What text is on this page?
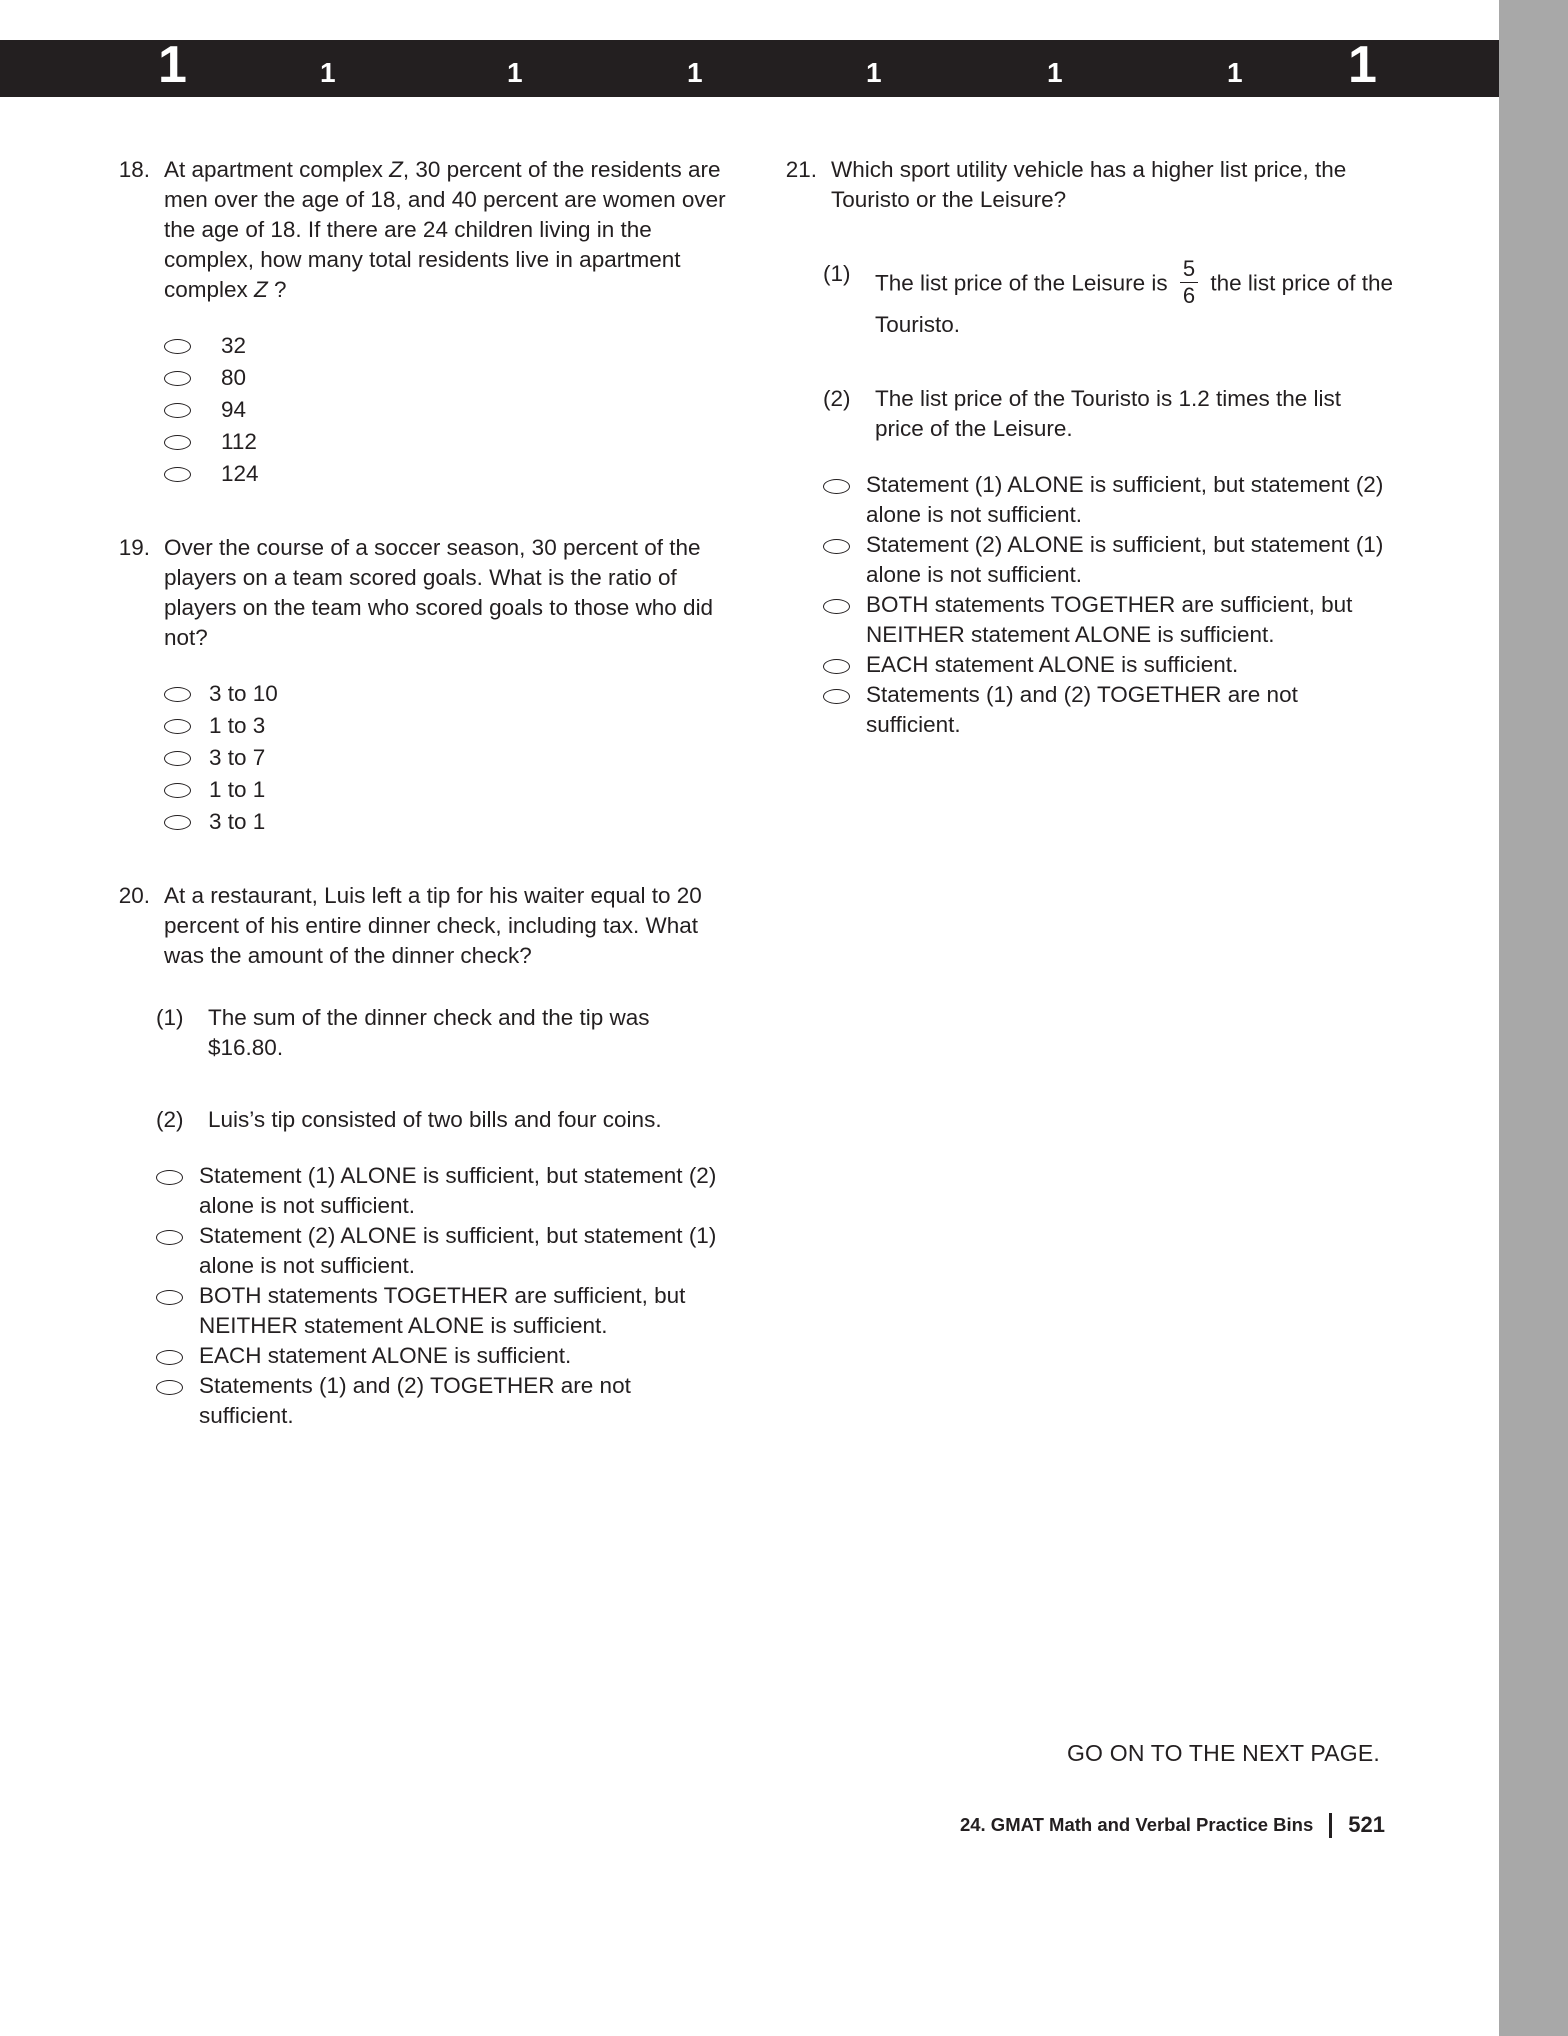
1	1	1	1	1	1	1 1
18. At apartment complex Z, 30 percent of the residents are men over the age of 18, and 40 percent are women over the age of 18. If there are 24 children living in the complex, how many total residents live in apartment complex Z ?
32
80
94
112
124
19. Over the course of a soccer season, 30 percent of the players on a team scored goals. What is the ratio of players on the team who scored goals to those who did not?
3 to 10
1 to 3
3 to 7
1 to 1
3 to 1
20. At a restaurant, Luis left a tip for his waiter equal to 20 percent of his entire dinner check, including tax. What was the amount of the dinner check?
(1)	The sum of the dinner check and the tip was $16.80.
(2)	Luis’s tip consisted of two bills and four coins.
Statement (1) ALONE is sufficient, but statement (2) alone is not sufficient.
Statement (2) ALONE is sufficient, but statement (1) alone is not sufficient.
BOTH statements TOGETHER are sufficient, but NEITHER statement ALONE is sufficient.
EACH statement ALONE is sufficient.
Statements (1) and (2) TOGETHER are not sufficient.
21. Which sport utility vehicle has a higher list price, the Touristo or the Leisure?
(1)	The list price of the Leisure is $\frac{5}{6}$ the list price of the Touristo.
(2)	The list price of the Touristo is 1.2 times the list price of the Leisure.
Statement (1) ALONE is sufficient, but statement (2) alone is not sufficient.
Statement (2) ALONE is sufficient, but statement (1) alone is not sufficient.
BOTH statements TOGETHER are sufficient, but NEITHER statement ALONE is sufficient.
EACH statement ALONE is sufficient.
Statements (1) and (2) TOGETHER are not sufficient.
GO ON TO THE NEXT PAGE.
24. GMAT Math and Verbal Practice Bins	521
